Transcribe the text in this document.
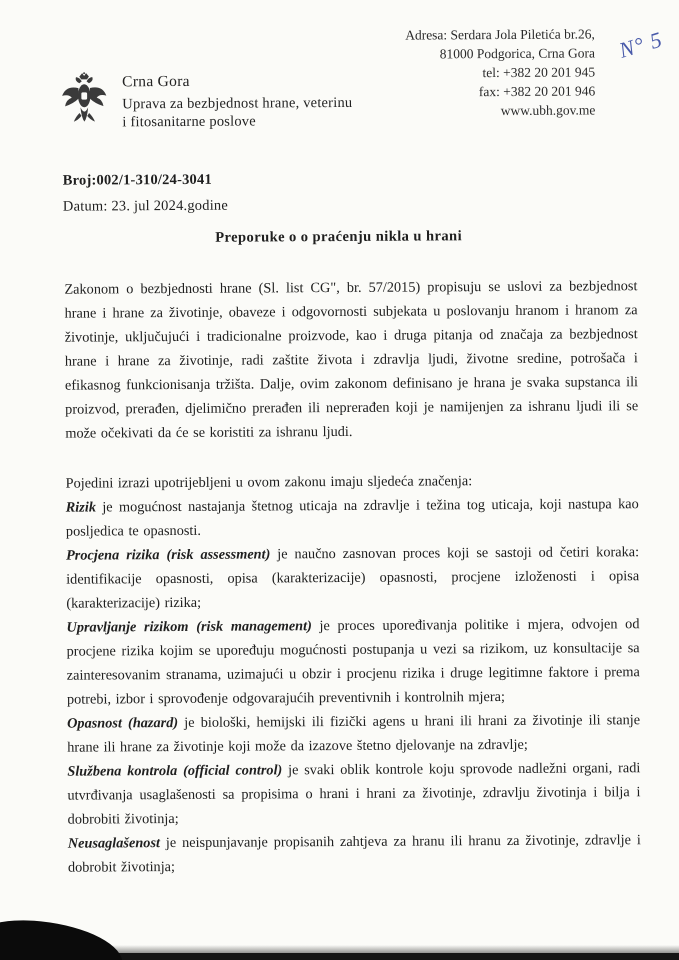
N° 5
Adresa: Serdara Jola Piletića br.26,
81000 Podgorica, Crna Gora
tel: +382 20 201 945
fax: +382 20 201 946
www.ubh.gov.me
Crna Gora
Uprava za bezbjednost hrane, veterinu
i fitosanitarne poslove
Broj:002/1-310/24-3041
Datum: 23. jul 2024.godine
Preporuke o o praćenju nikla u hrani

Zakonom o bezbjednosti hrane (Sl. list CG", br. 57/2015) propisuju se uslovi za bezbjednost hrane i hrane za životinje, obaveze i odgovornosti subjekata u poslovanju hranom i hranom za životinje, uključujući i tradicionalne proizvode, kao i druga pitanja od značaja za bezbjednost hrane i hrane za životinje, radi zaštite života i zdravlja ljudi, životne sredine, potrošača i efikasnog funkcionisanja tržišta. Dalje, ovim zakonom definisano je hrana je svaka supstanca ili proizvod, prerađen, djelimično prerađen ili neprerađen koji je namijenjen za ishranu ljudi ili se može očekivati da će se koristiti za ishranu ljudi.

Pojedini izrazi upotrijebljeni u ovom zakonu imaju sljedeća značenja:

Rizik je mogućnost nastajanja štetnog uticaja na zdravlje i težina tog uticaja, koji nastupa kao posljedica te opasnosti.

Procjena rizika (risk assessment) je naučno zasnovan proces koji se sastoji od četiri koraka: identifikacije opasnosti, opisa (karakterizacije) opasnosti, procjene izloženosti i opisa (karakterizacije) rizika;

Upravljanje rizikom (risk management) je proces upoređivanja politike i mjera, odvojen od procjene rizika kojim se upoređuju mogućnosti postupanja u vezi sa rizikom, uz konsultacije sa zainteresovanim stranama, uzimajući u obzir i procjenu rizika i druge legitimne faktore i prema potrebi, izbor i sprovođenje odgovarajućih preventivnih i kontrolnih mjera;

Opasnost (hazard) je biološki, hemijski ili fizički agens u hrani ili hrani za životinje ili stanje hrane ili hrane za životinje koji može da izazove štetno djelovanje na zdravlje;

Službena kontrola (official control) je svaki oblik kontrole koju sprovode nadležni organi, radi utvrđivanja usaglašenosti sa propisima o hrani i hrani za životinje, zdravlju životinja i bilja i dobrobiti životinja;

Neusaglašenost je neispunjavanje propisanih zahtjeva za hranu ili hranu za životinje, zdravlje i dobrobit životinja;
